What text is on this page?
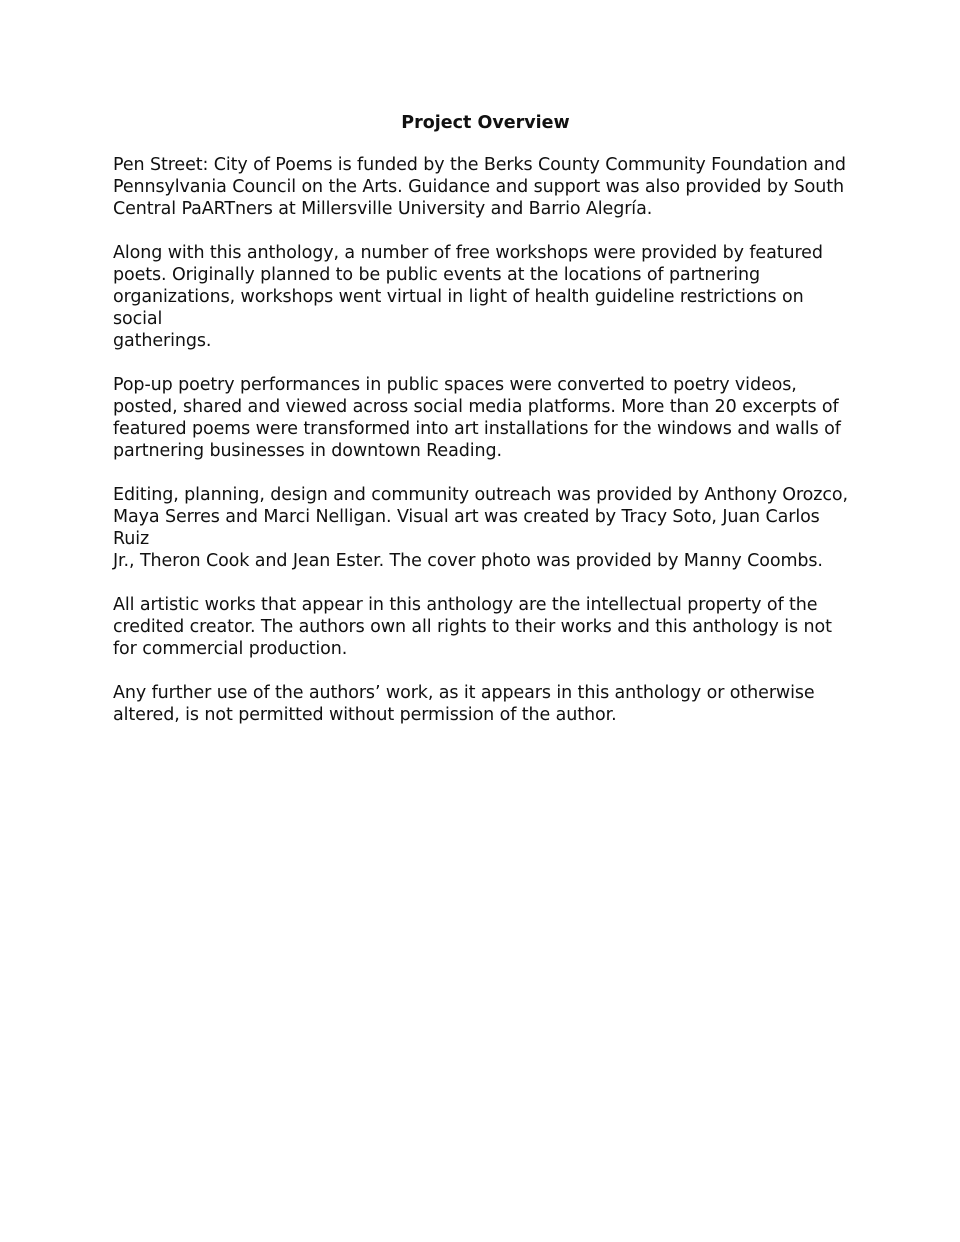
Project Overview

Pen Street: City of Poems is funded by the Berks County Community Foundation and
Pennsylvania Council on the Arts. Guidance and support was also provided by South
Central PaARTners at Millersville University and Barrio Alegría.

Along with this anthology, a number of free workshops were provided by featured
poets. Originally planned to be public events at the locations of partnering
organizations, workshops went virtual in light of health guideline restrictions on social
gatherings.

Pop-up poetry performances in public spaces were converted to poetry videos,
posted, shared and viewed across social media platforms. More than 20 excerpts of
featured poems were transformed into art installations for the windows and walls of
partnering businesses in downtown Reading.

Editing, planning, design and community outreach was provided by Anthony Orozco,
Maya Serres and Marci Nelligan. Visual art was created by Tracy Soto, Juan Carlos Ruiz
Jr., Theron Cook and Jean Ester. The cover photo was provided by Manny Coombs.

All artistic works that appear in this anthology are the intellectual property of the
credited creator. The authors own all rights to their works and this anthology is not
for commercial production.

Any further use of the authors’ work, as it appears in this anthology or otherwise
altered, is not permitted without permission of the author.
